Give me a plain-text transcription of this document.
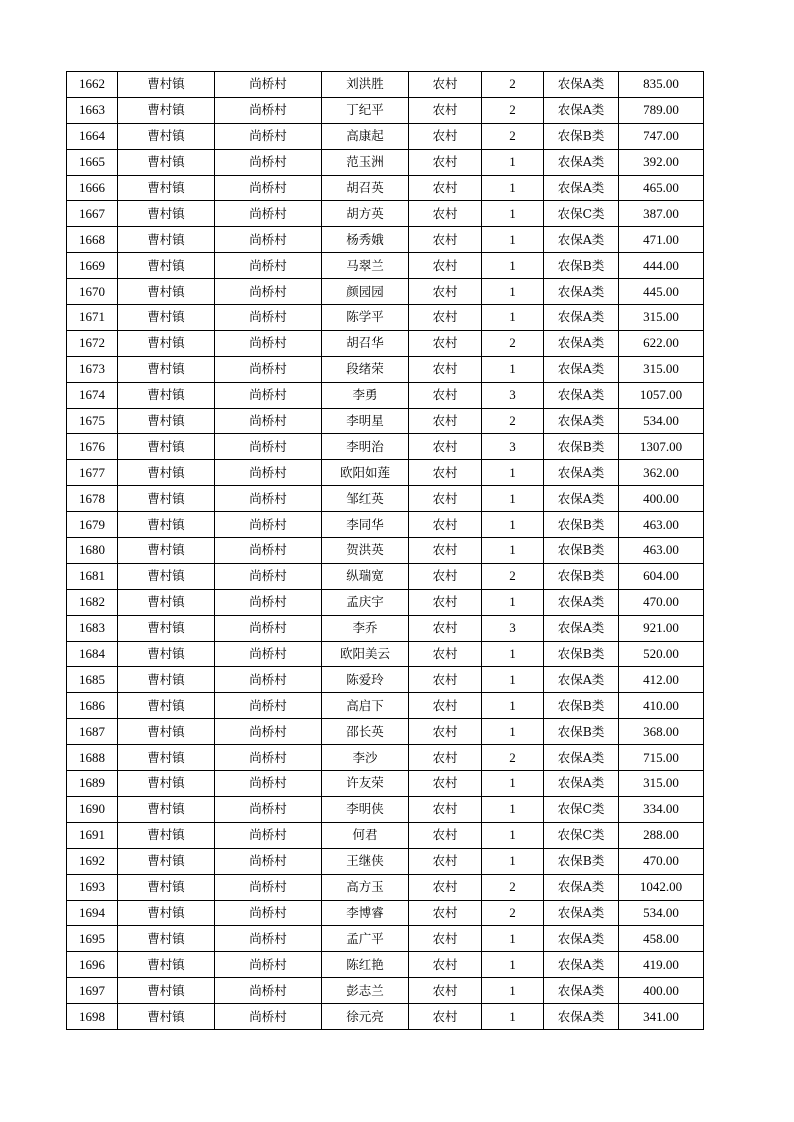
1662	曹村镇	尚桥村	刘洪胜	农村	2	农保A类	835.00
1663	曹村镇	尚桥村	丁纪平	农村	2	农保A类	789.00
1664	曹村镇	尚桥村	高康起	农村	2	农保B类	747.00
1665	曹村镇	尚桥村	范玉洲	农村	1	农保A类	392.00
1666	曹村镇	尚桥村	胡召英	农村	1	农保A类	465.00
1667	曹村镇	尚桥村	胡方英	农村	1	农保C类	387.00
1668	曹村镇	尚桥村	杨秀娥	农村	1	农保A类	471.00
1669	曹村镇	尚桥村	马翠兰	农村	1	农保B类	444.00
1670	曹村镇	尚桥村	颜园园	农村	1	农保A类	445.00
1671	曹村镇	尚桥村	陈学平	农村	1	农保A类	315.00
1672	曹村镇	尚桥村	胡召华	农村	2	农保A类	622.00
1673	曹村镇	尚桥村	段绪荣	农村	1	农保A类	315.00
1674	曹村镇	尚桥村	李勇	农村	3	农保A类	1057.00
1675	曹村镇	尚桥村	李明星	农村	2	农保A类	534.00
1676	曹村镇	尚桥村	李明治	农村	3	农保B类	1307.00
1677	曹村镇	尚桥村	欧阳如莲	农村	1	农保A类	362.00
1678	曹村镇	尚桥村	邹红英	农村	1	农保A类	400.00
1679	曹村镇	尚桥村	李同华	农村	1	农保B类	463.00
1680	曹村镇	尚桥村	贺洪英	农村	1	农保B类	463.00
1681	曹村镇	尚桥村	纵瑞宽	农村	2	农保B类	604.00
1682	曹村镇	尚桥村	孟庆宇	农村	1	农保A类	470.00
1683	曹村镇	尚桥村	李乔	农村	3	农保A类	921.00
1684	曹村镇	尚桥村	欧阳美云	农村	1	农保B类	520.00
1685	曹村镇	尚桥村	陈爱玲	农村	1	农保A类	412.00
1686	曹村镇	尚桥村	高启下	农村	1	农保B类	410.00
1687	曹村镇	尚桥村	邵长英	农村	1	农保B类	368.00
1688	曹村镇	尚桥村	李沙	农村	2	农保A类	715.00
1689	曹村镇	尚桥村	许友荣	农村	1	农保A类	315.00
1690	曹村镇	尚桥村	李明侠	农村	1	农保C类	334.00
1691	曹村镇	尚桥村	何君	农村	1	农保C类	288.00
1692	曹村镇	尚桥村	王继侠	农村	1	农保B类	470.00
1693	曹村镇	尚桥村	高方玉	农村	2	农保A类	1042.00
1694	曹村镇	尚桥村	李博睿	农村	2	农保A类	534.00
1695	曹村镇	尚桥村	孟广平	农村	1	农保A类	458.00
1696	曹村镇	尚桥村	陈红艳	农村	1	农保A类	419.00
1697	曹村镇	尚桥村	彭志兰	农村	1	农保A类	400.00
1698	曹村镇	尚桥村	徐元亮	农村	1	农保A类	341.00
